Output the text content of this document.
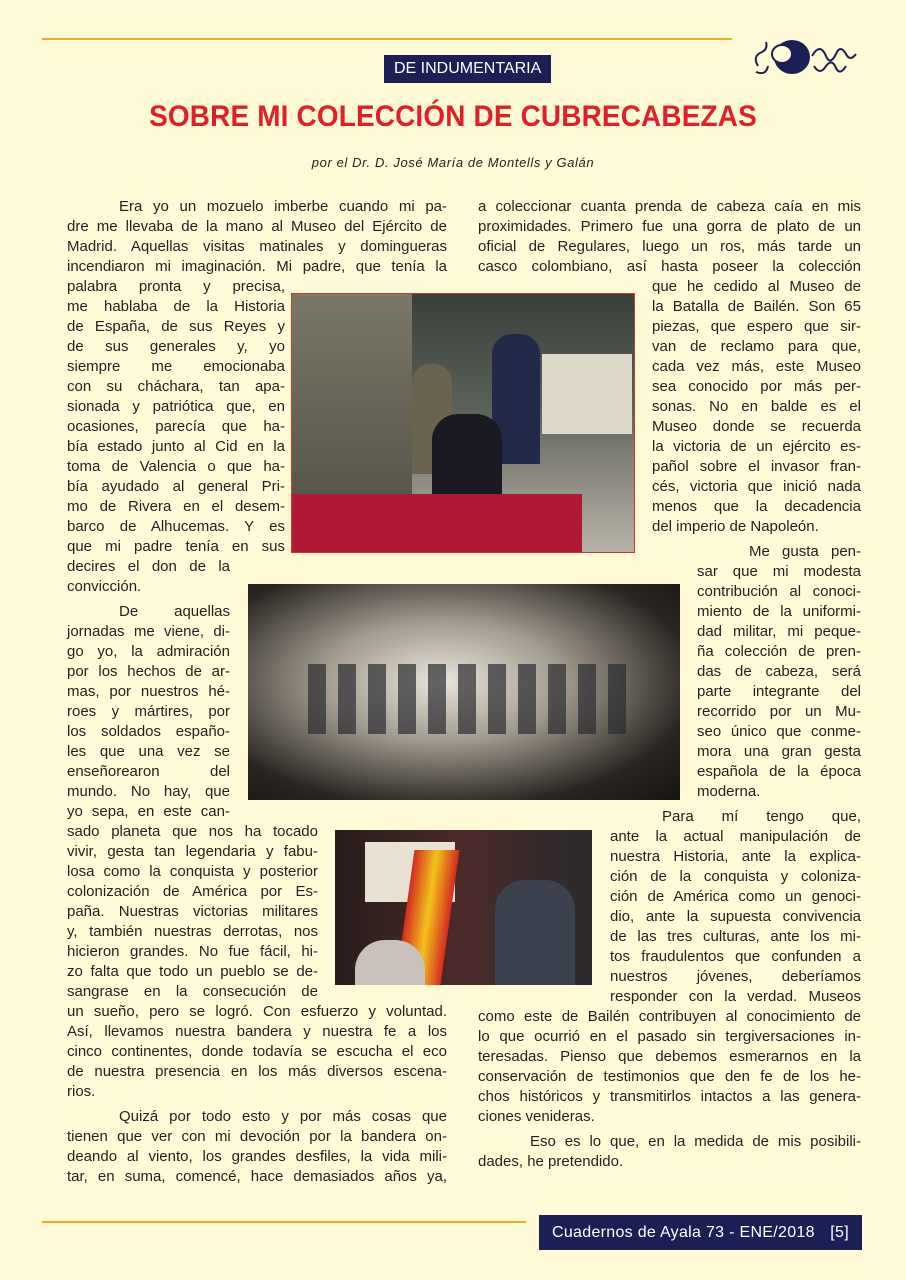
DE INDUMENTARIA
SOBRE MI COLECCIÓN DE CUBRECABEZAS
por el Dr. D. José María de Montells y Galán
Era yo un mozuelo imberbe cuando mi pa-
dre me llevaba de la mano al Museo del Ejército de
Madrid. Aquellas visitas matinales y domingueras
incendiaron mi imaginación. Mi padre, que tenía la
palabra pronta y precisa,
me hablaba de la Historia
de España, de sus Reyes y
de sus generales y, yo
siempre me emocionaba
con su cháchara, tan apa-
sionada y patriótica que, en
ocasiones, parecía que ha-
bía estado junto al Cid en la
toma de Valencia o que ha-
bía ayudado al general Pri-
mo de Rivera en el desem-
barco de Alhucemas. Y es
que mi padre tenía en sus
decires el don de la
convicción.
De aquellas
jornadas me viene, di-
go yo, la admiración
por los hechos de ar-
mas, por nuestros hé-
roes y mártires, por
los soldados españo-
les que una vez se
enseñorearon del
mundo. No hay, que
yo sepa, en este can-
sado planeta que nos ha tocado
vivir, gesta tan legendaria y fabu-
losa como la conquista y posterior
colonización de América por Es-
paña. Nuestras victorias militares
y, también nuestras derrotas, nos
hicieron grandes. No fue fácil, hi-
zo falta que todo un pueblo se de-
sangrase en la consecución de
un sueño, pero se logró. Con esfuerzo y voluntad.
Así, llevamos nuestra bandera y nuestra fe a los
cinco continentes, donde todavía se escucha el eco
de nuestra presencia en los más diversos escena-
rios.
Quizá por todo esto y por más cosas que
tienen que ver con mi devoción por la bandera on-
deando al viento, los grandes desfiles, la vida mili-
tar, en suma, comencé, hace demasiados años ya,
a coleccionar cuanta prenda de cabeza caía en mis
proximidades. Primero fue una gorra de plato de un
oficial de Regulares, luego un ros, más tarde un
casco colombiano, así hasta poseer la colección
que he cedido al Museo de
la Batalla de Bailén. Son 65
piezas, que espero que sir-
van de reclamo para que,
cada vez más, este Museo
sea conocido por más per-
sonas. No en balde es el
Museo donde se recuerda
la victoria de un ejército es-
pañol sobre el invasor fran-
cés, victoria que inició nada
menos que la decadencia
del imperio de Napoleón.
Me gusta pen-
sar que mi modesta
contribución al conoci-
miento de la uniformi-
dad militar, mi peque-
ña colección de pren-
das de cabeza, será
parte integrante del
recorrido por un Mu-
seo único que conme-
mora una gran gesta
española de la época
moderna.
Para mí tengo que,
ante la actual manipulación de
nuestra Historia, ante la explica-
ción de la conquista y coloniza-
ción de América como un genoci-
dio, ante la supuesta convivencia
de las tres culturas, ante los mi-
tos fraudulentos que confunden a
nuestros jóvenes, deberíamos
responder con la verdad. Museos
como este de Bailén contribuyen al conocimiento de
lo que ocurrió en el pasado sin tergiversaciones in-
teresadas. Pienso que debemos esmerarnos en la
conservación de testimonios que den fe de los he-
chos históricos y transmitirlos intactos a las genera-
ciones venideras.
Eso es lo que, en la medida de mis posibili-
dades, he pretendido.
Cuadernos de Ayala 73 - ENE/2018 [5]
